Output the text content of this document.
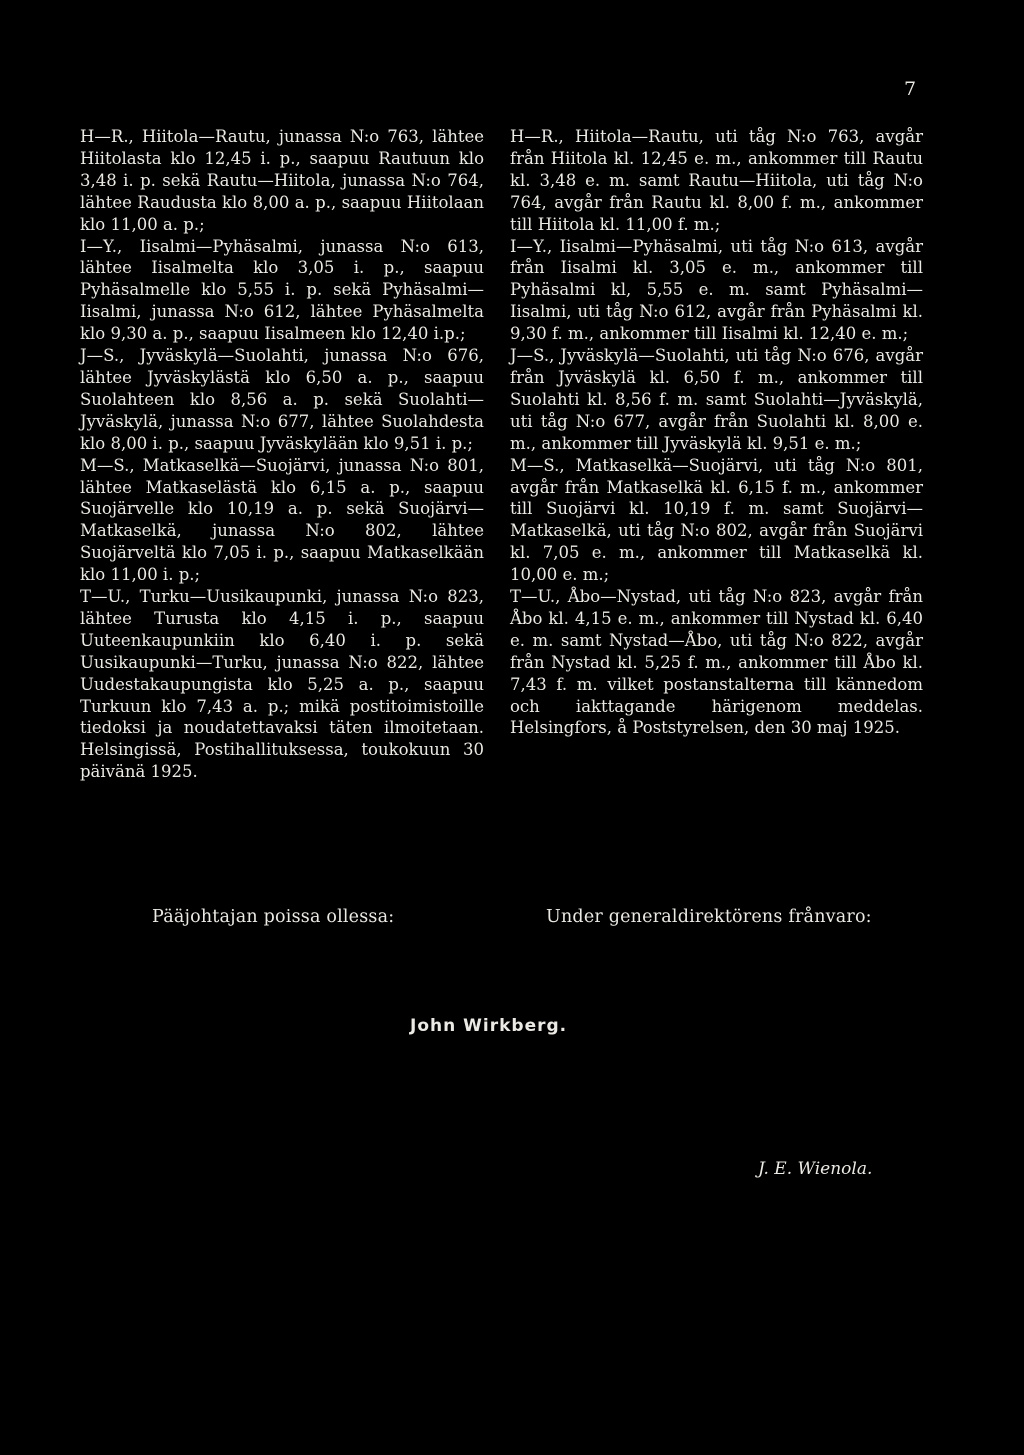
7

H—R., Hiitola—Rautu, junassa N:o 763, lähtee Hiitolasta klo 12,45 i. p., saapuu Rautuun klo 3,48 i. p. sekä Rautu—Hiitola, junassa N:o 764, lähtee Raudusta klo 8,00 a. p., saapuu Hiitolaan klo 11,00 a. p.;

I—Y., Iisalmi—Pyhäsalmi, junassa N:o 613, lähtee Iisalmelta klo 3,05 i. p., saapuu Pyhäsalmelle klo 5,55 i. p. sekä Pyhäsalmi—Iisalmi, junassa N:o 612, lähtee Pyhäsalmelta klo 9,30 a. p., saapuu Iisalmeen klo 12,40 i.p.;

J—S., Jyväskylä—Suolahti, junassa N:o 676, lähtee Jyväskylästä klo 6,50 a. p., saapuu Suolahteen klo 8,56 a. p. sekä Suolahti—Jyväskylä, junassa N:o 677, lähtee Suolahdesta klo 8,00 i. p., saapuu Jyväskylään klo 9,51 i. p.;

M—S., Matkaselkä—Suojärvi, junassa N:o 801, lähtee Matkaselästä klo 6,15 a. p., saapuu Suojärvelle klo 10,19 a. p. sekä Suojärvi—Matkaselkä, junassa N:o 802, lähtee Suojärveltä klo 7,05 i. p., saapuu Matkaselkään klo 11,00 i. p.;

T—U., Turku—Uusikaupunki, junassa N:o 823, lähtee Turusta klo 4,15 i. p., saapuu Uuteenkaupunkiin klo 6,40 i. p. sekä Uusikaupunki—Turku, junassa N:o 822, lähtee Uudestakaupungista klo 5,25 a. p., saapuu Turkuun klo 7,43 a. p.; mikä postitoimistoille tiedoksi ja noudatettavaksi täten ilmoitetaan. Helsingissä, Postihallituksessa, toukokuun 30 päivänä 1925.

H—R., Hiitola—Rautu, uti tåg N:o 763, avgår från Hiitola kl. 12,45 e. m., ankommer till Rautu kl. 3,48 e. m. samt Rautu—Hiitola, uti tåg N:o 764, avgår från Rautu kl. 8,00 f. m., ankommer till Hiitola kl. 11,00 f. m.;

I—Y., Iisalmi—Pyhäsalmi, uti tåg N:o 613, avgår från Iisalmi kl. 3,05 e. m., ankommer till Pyhäsalmi kl, 5,55 e. m. samt Pyhäsalmi—Iisalmi, uti tåg N:o 612, avgår från Pyhäsalmi kl. 9,30 f. m., ankommer till Iisalmi kl. 12,40 e. m.;

J—S., Jyväskylä—Suolahti, uti tåg N:o 676, avgår från Jyväskylä kl. 6,50 f. m., ankommer till Suolahti kl. 8,56 f. m. samt Suolahti—Jyväskylä, uti tåg N:o 677, avgår från Suolahti kl. 8,00 e. m., ankommer till Jyväskylä kl. 9,51 e. m.;

M—S., Matkaselkä—Suojärvi, uti tåg N:o 801, avgår från Matkaselkä kl. 6,15 f. m., ankommer till Suojärvi kl. 10,19 f. m. samt Suojärvi—Matkaselkä, uti tåg N:o 802, avgår från Suojärvi kl. 7,05 e. m., ankommer till Matkaselkä kl. 10,00 e. m.;

T—U., Åbo—Nystad, uti tåg N:o 823, avgår från Åbo kl. 4,15 e. m., ankommer till Nystad kl. 6,40 e. m. samt Nystad—Åbo, uti tåg N:o 822, avgår från Nystad kl. 5,25 f. m., ankommer till Åbo kl. 7,43 f. m. vilket postanstalterna till kännedom och iakttagande härigenom meddelas. Helsingfors, å Poststyrelsen, den 30 maj 1925.

Pääjohtajan poissa ollessa:	Under generaldirektörens frånvaro:
John Wirkberg.
J. E. Wienola.
